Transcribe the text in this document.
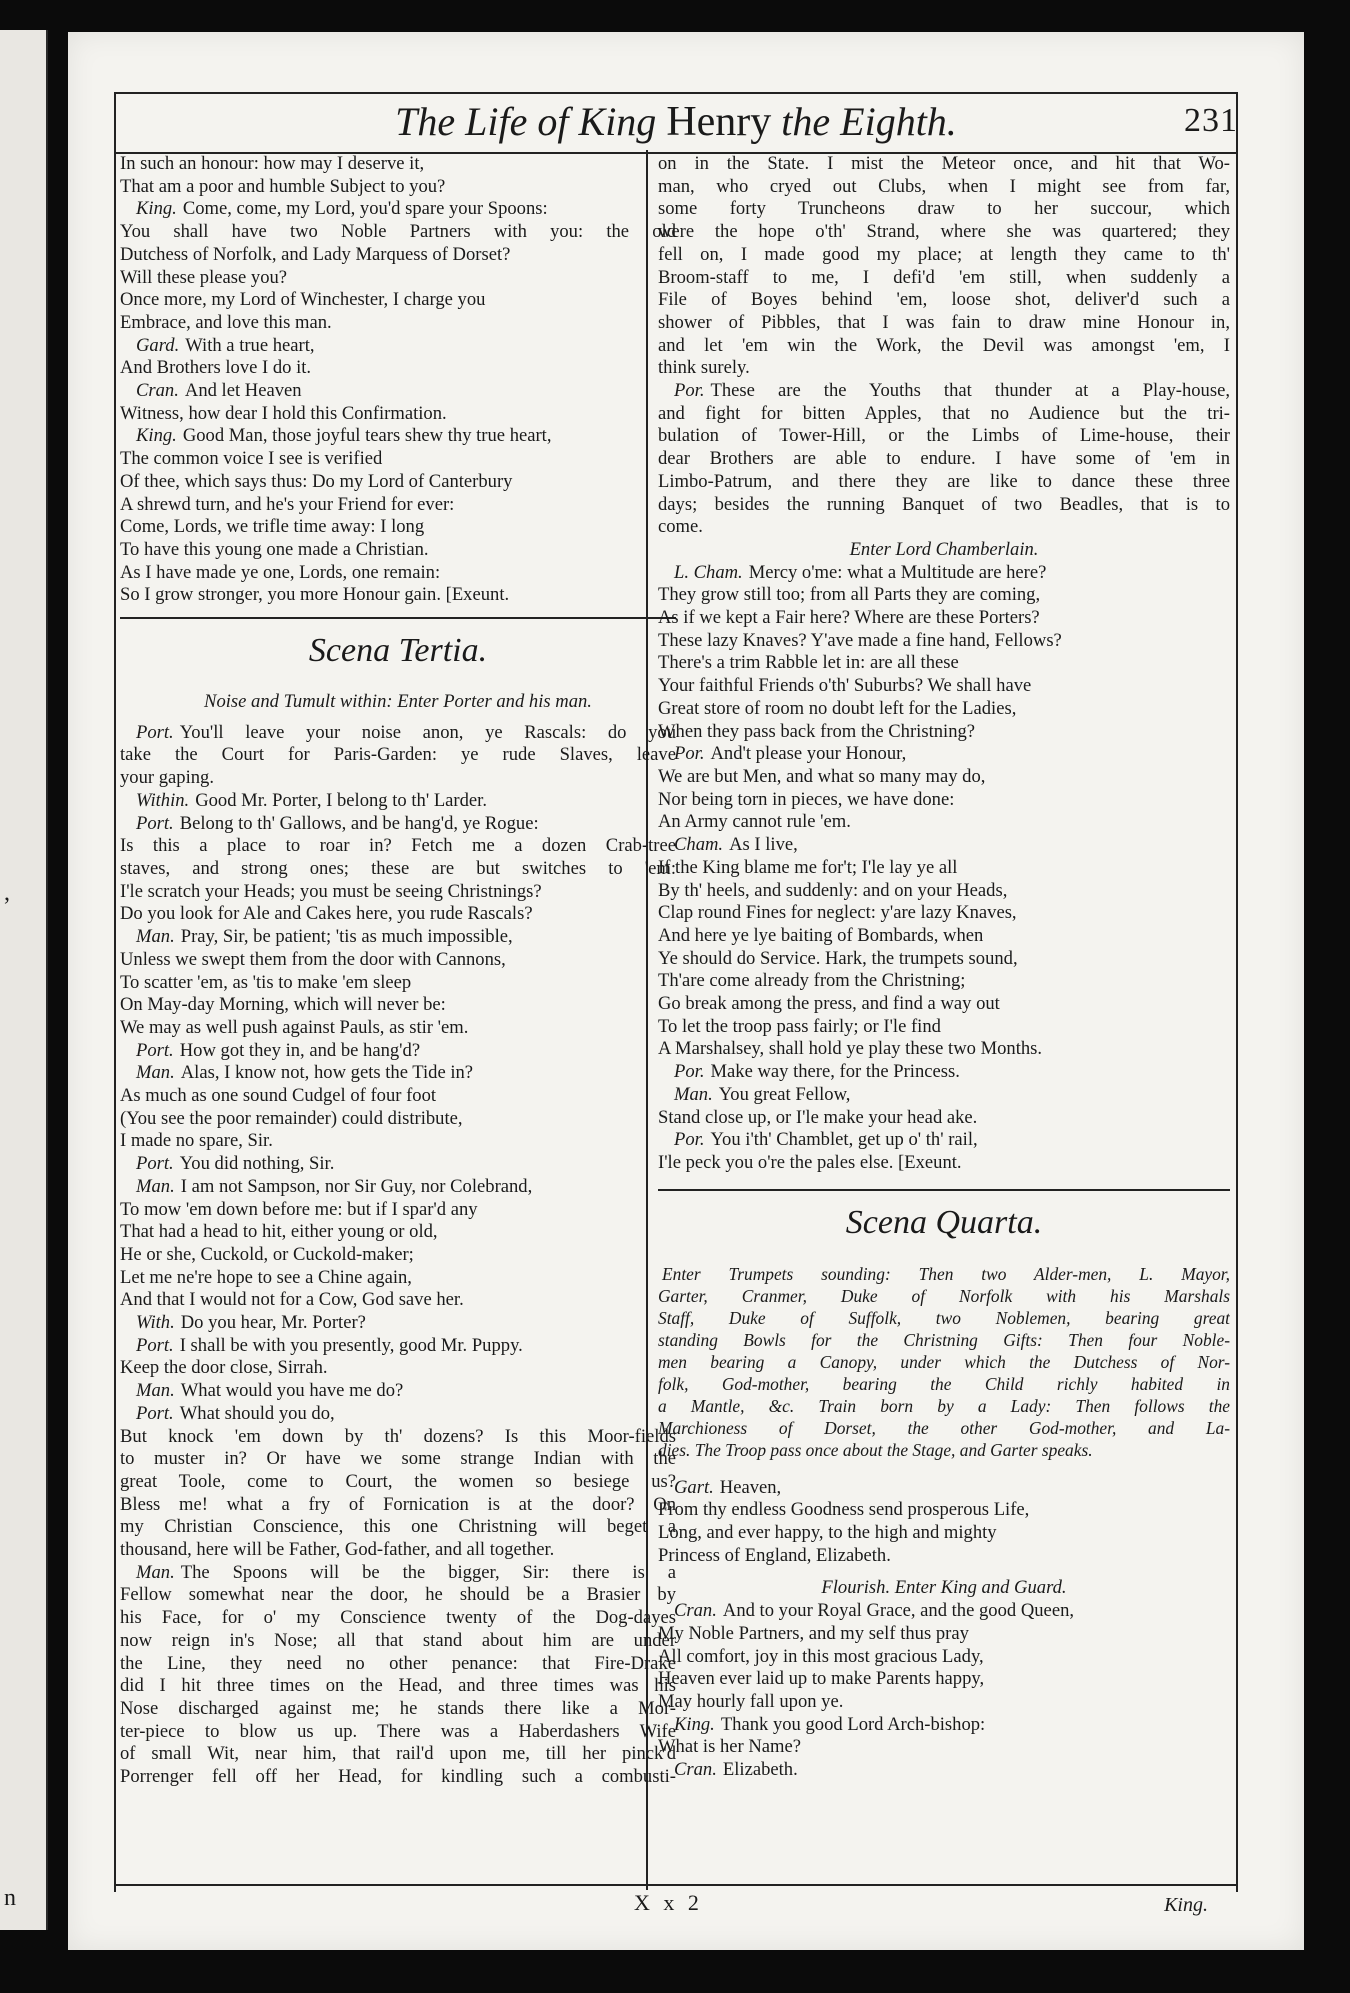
,
n
The Life of King Henry the Eighth.	231
In such an honour: how may I deserve it,
That am a poor and humble Subject to you?
King. Come, come, my Lord, you'd spare your Spoons:
You shall have two Noble Partners with you: the old
Dutchess of Norfolk, and Lady Marquess of Dorset?
Will these please you?
Once more, my Lord of Winchester, I charge you
Embrace, and love this man.
Gard. With a true heart,
And Brothers love I do it.
Cran. And let Heaven
Witness, how dear I hold this Confirmation.
King. Good Man, those joyful tears shew thy true heart,
The common voice I see is verified
Of thee, which says thus: Do my Lord of Canterbury
A shrewd turn, and he's your Friend for ever:
Come, Lords, we trifle time away: I long
To have this young one made a Christian.
As I have made ye one, Lords, one remain:
So I grow stronger, you more Honour gain. [Exeunt.
Scena Tertia.
Noise and Tumult within: Enter Porter and his man.
Port. You'll leave your noise anon, ye Rascals: do you
take the Court for Paris-Garden: ye rude Slaves, leave
your gaping.
Within. Good Mr. Porter, I belong to th' Larder.
Port. Belong to th' Gallows, and be hang'd, ye Rogue:
Is this a place to roar in? Fetch me a dozen Crab-tree
staves, and strong ones; these are but switches to 'em:
I'le scratch your Heads; you must be seeing Christnings?
Do you look for Ale and Cakes here, you rude Rascals?
Man. Pray, Sir, be patient; 'tis as much impossible,
Unless we swept them from the door with Cannons,
To scatter 'em, as 'tis to make 'em sleep
On May-day Morning, which will never be:
We may as well push against Pauls, as stir 'em.
Port. How got they in, and be hang'd?
Man. Alas, I know not, how gets the Tide in?
As much as one sound Cudgel of four foot
(You see the poor remainder) could distribute,
I made no spare, Sir.
Port. You did nothing, Sir.
Man. I am not Sampson, nor Sir Guy, nor Colebrand,
To mow 'em down before me: but if I spar'd any
That had a head to hit, either young or old,
He or she, Cuckold, or Cuckold-maker;
Let me ne're hope to see a Chine again,
And that I would not for a Cow, God save her.
With. Do you hear, Mr. Porter?
Port. I shall be with you presently, good Mr. Puppy.
Keep the door close, Sirrah.
Man. What would you have me do?
Port. What should you do,
But knock 'em down by th' dozens? Is this Moor-fields
to muster in? Or have we some strange Indian with the
great Toole, come to Court, the women so besiege us?
Bless me! what a fry of Fornication is at the door? On
my Christian Conscience, this one Christning will beget a
thousand, here will be Father, God-father, and all together.
Man. The Spoons will be the bigger, Sir: there is a
Fellow somewhat near the door, he should be a Brasier by
his Face, for o' my Conscience twenty of the Dog-dayes
now reign in's Nose; all that stand about him are under
the Line, they need no other penance: that Fire-Drake
did I hit three times on the Head, and three times was his
Nose discharged against me; he stands there like a Mor-
ter-piece to blow us up. There was a Haberdashers Wife
of small Wit, near him, that rail'd upon me, till her pinck'd
Porrenger fell off her Head, for kindling such a combusti-
on in the State. I mist the Meteor once, and hit that Wo-
man, who cryed out Clubs, when I might see from far,
some forty Truncheons draw to her succour, which
were the hope o'th' Strand, where she was quartered; they
fell on, I made good my place; at length they came to th'
Broom-staff to me, I defi'd 'em still, when suddenly a
File of Boyes behind 'em, loose shot, deliver'd such a
shower of Pibbles, that I was fain to draw mine Honour in,
and let 'em win the Work, the Devil was amongst 'em, I
think surely.
Por. These are the Youths that thunder at a Play-house,
and fight for bitten Apples, that no Audience but the tri-
bulation of Tower-Hill, or the Limbs of Lime-house, their
dear Brothers are able to endure. I have some of 'em in
Limbo-Patrum, and there they are like to dance these three
days; besides the running Banquet of two Beadles, that is to
come.
Enter Lord Chamberlain.
L. Cham. Mercy o'me: what a Multitude are here?
They grow still too; from all Parts they are coming,
As if we kept a Fair here? Where are these Porters?
These lazy Knaves? Y'ave made a fine hand, Fellows?
There's a trim Rabble let in: are all these
Your faithful Friends o'th' Suburbs? We shall have
Great store of room no doubt left for the Ladies,
When they pass back from the Christning?
Por. And't please your Honour,
We are but Men, and what so many may do,
Nor being torn in pieces, we have done:
An Army cannot rule 'em.
Cham. As I live,
If the King blame me for't; I'le lay ye all
By th' heels, and suddenly: and on your Heads,
Clap round Fines for neglect: y'are lazy Knaves,
And here ye lye baiting of Bombards, when
Ye should do Service. Hark, the trumpets sound,
Th'are come already from the Christning;
Go break among the press, and find a way out
To let the troop pass fairly; or I'le find
A Marshalsey, shall hold ye play these two Months.
Por. Make way there, for the Princess.
Man. You great Fellow,
Stand close up, or I'le make your head ake.
Por. You i'th' Chamblet, get up o' th' rail,
I'le peck you o're the pales else. [Exeunt.
Scena Quarta.
Enter Trumpets sounding: Then two Alder-men, L. Mayor,
Garter, Cranmer, Duke of Norfolk with his Marshals
Staff, Duke of Suffolk, two Noblemen, bearing great
standing Bowls for the Christning Gifts: Then four Noble-
men bearing a Canopy, under which the Dutchess of Nor-
folk, God-mother, bearing the Child richly habited in
a Mantle, &c. Train born by a Lady: Then follows the
Marchioness of Dorset, the other God-mother, and La-
dies. The Troop pass once about the Stage, and Garter speaks.
Gart. Heaven,
From thy endless Goodness send prosperous Life,
Long, and ever happy, to the high and mighty
Princess of England, Elizabeth.
Flourish. Enter King and Guard.
Cran. And to your Royal Grace, and the good Queen,
My Noble Partners, and my self thus pray
All comfort, joy in this most gracious Lady,
Heaven ever laid up to make Parents happy,
May hourly fall upon ye.
King. Thank you good Lord Arch-bishop:
What is her Name?
Cran. Elizabeth.
X x 2	King.
